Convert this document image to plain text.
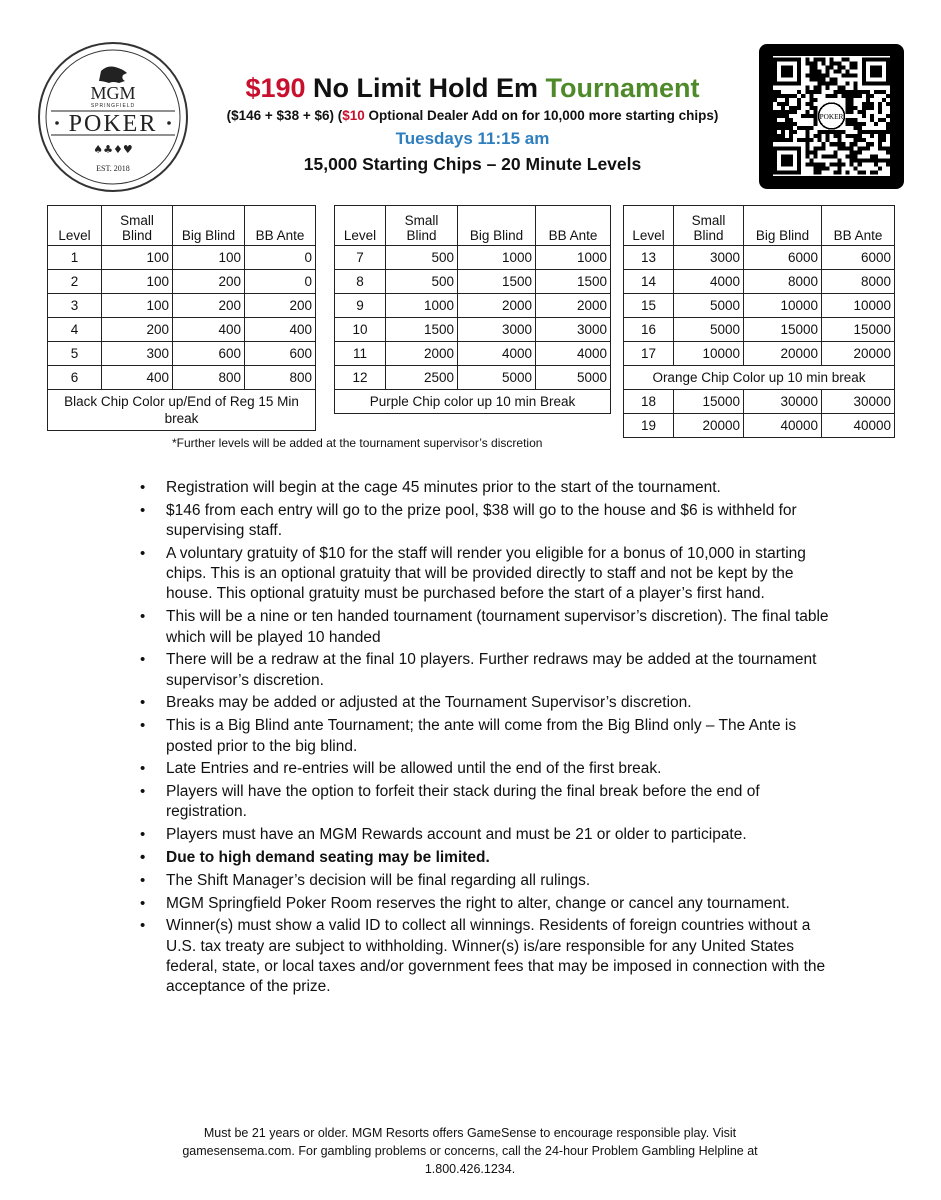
MGM
SPRINGFIELD
POKER
♠♣♦♥
EST. 2018
$190 No Limit Hold Em Tournament
($146 + $38 + $6) ($10 Optional Dealer Add on for 10,000 more starting chips)
Tuesdays 11:15 am
15,000 Starting Chips – 20 Minute Levels
POKER
Level	Small Blind	Big Blind	BB Ante
1	100	100	0
2	100	200	0
3	100	200	200
4	200	400	400
5	300	600	600
6	400	800	800
Black Chip Color up/End of Reg 15 Min break			
Level	Small Blind	Big Blind	BB Ante
7	500	1000	1000
8	500	1500	1500
9	1000	2000	2000
10	1500	3000	3000
11	2000	4000	4000
12	2500	5000	5000
Purple Chip color up 10 min Break			
Level	Small Blind	Big Blind	BB Ante
13	3000	6000	6000
14	4000	8000	8000
15	5000	10000	10000
16	5000	15000	15000
17	10000	20000	20000
Orange Chip Color up 10 min break			
18	15000	30000	30000
19	20000	40000	40000
*Further levels will be added at the tournament supervisor’s discretion
• Registration will begin at the cage 45 minutes prior to the start of the tournament.
• $146 from each entry will go to the prize pool, $38 will go to the house and $6 is withheld for supervising staff.
• A voluntary gratuity of $10 for the staff will render you eligible for a bonus of 10,000 in starting chips. This is an optional gratuity that will be provided directly to staff and not be kept by the house. This optional gratuity must be purchased before the start of a player’s first hand.
• This will be a nine or ten handed tournament (tournament supervisor’s discretion). The final table which will be played 10 handed
• There will be a redraw at the final 10 players. Further redraws may be added at the tournament supervisor’s discretion.
• Breaks may be added or adjusted at the Tournament Supervisor’s discretion.
• This is a Big Blind ante Tournament; the ante will come from the Big Blind only – The Ante is posted prior to the big blind.
• Late Entries and re-entries will be allowed until the end of the first break.
• Players will have the option to forfeit their stack during the final break before the end of registration.
• Players must have an MGM Rewards account and must be 21 or older to participate.
• Due to high demand seating may be limited.
• The Shift Manager’s decision will be final regarding all rulings.
• MGM Springfield Poker Room reserves the right to alter, change or cancel any tournament.
• Winner(s) must show a valid ID to collect all winnings. Residents of foreign countries without a U.S. tax treaty are subject to withholding. Winner(s) is/are responsible for any United States federal, state, or local taxes and/or government fees that may be imposed in connection with the acceptance of the prize.
Must be 21 years or older. MGM Resorts offers GameSense to encourage responsible play. Visit
gamesensema.com. For gambling problems or concerns, call the 24-hour Problem Gambling Helpline at
1.800.426.1234.
